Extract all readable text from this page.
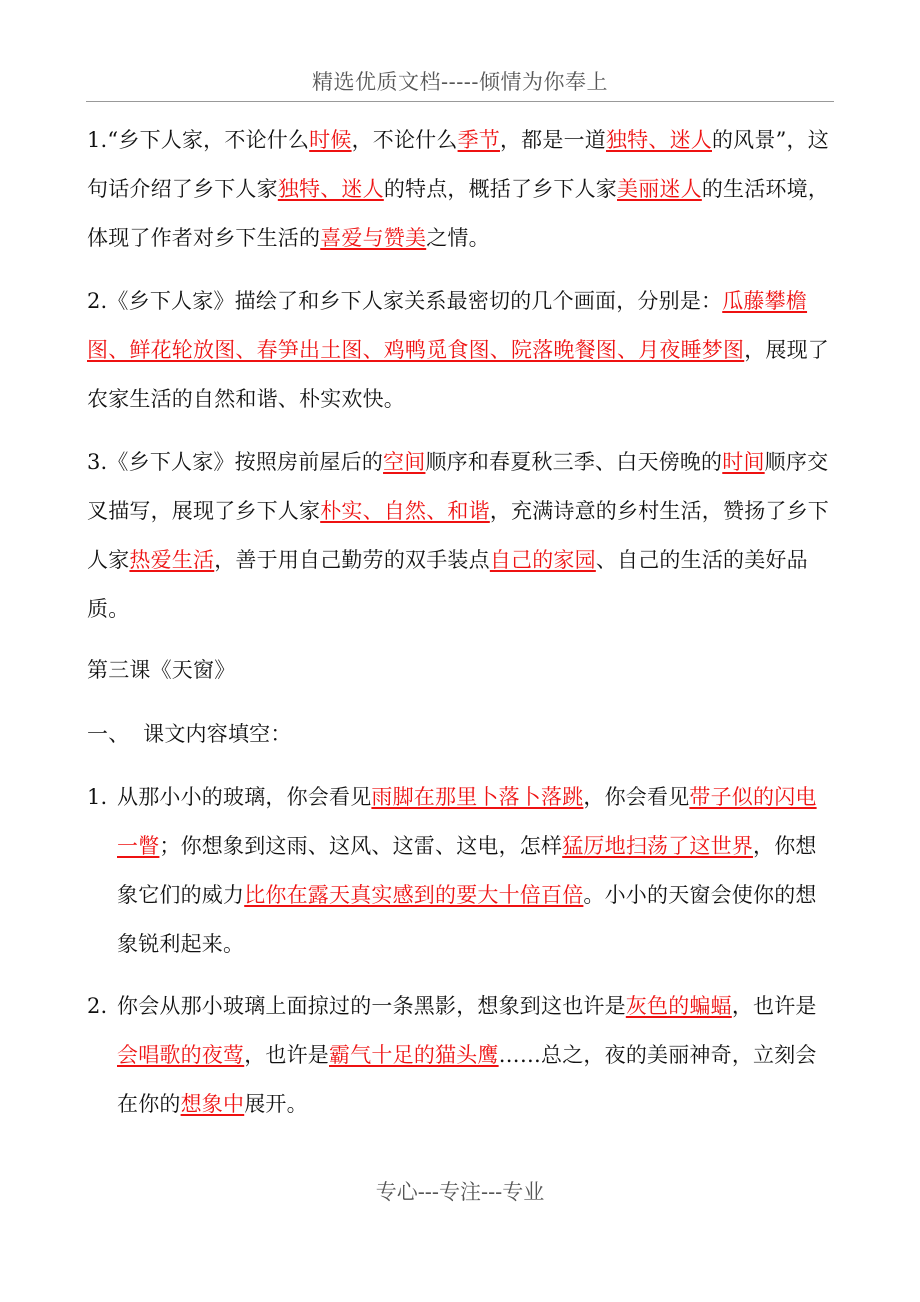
精选优质文档-----倾情为你奉上
1.“乡下人家，不论什么时候，不论什么季节，都是一道独特、迷人的风景”，这句话介绍了乡下人家独特、迷人的特点，概括了乡下人家美丽迷人的生活环境，体现了作者对乡下生活的喜爱与赞美之情。
2.《乡下人家》描绘了和乡下人家关系最密切的几个画面，分别是：瓜藤攀檐图、鲜花轮放图、春笋出土图、鸡鸭觅食图、院落晚餐图、月夜睡梦图，展现了农家生活的自然和谐、朴实欢快。
3.《乡下人家》按照房前屋后的空间顺序和春夏秋三季、白天傍晚的时间顺序交叉描写，展现了乡下人家朴实、自然、和谐，充满诗意的乡村生活，赞扬了乡下人家热爱生活，善于用自己勤劳的双手装点自己的家园、自己的生活的美好品质。
第三课《天窗》
一、  课文内容填空：
1. 从那小小的玻璃，你会看见雨脚在那里卜落卜落跳，你会看见带子似的闪电一瞥；你想象到这雨、这风、这雷、这电，怎样猛厉地扫荡了这世界，你想象它们的威力比你在露天真实感到的要大十倍百倍。小小的天窗会使你的想象锐利起来。
2. 你会从那小玻璃上面掠过的一条黑影，想象到这也许是灰色的蝙蝠，也许是会唱歌的夜莺，也许是霸气十足的猫头鹰……总之，夜的美丽神奇，立刻会在你的想象中展开。
专心---专注---专业
